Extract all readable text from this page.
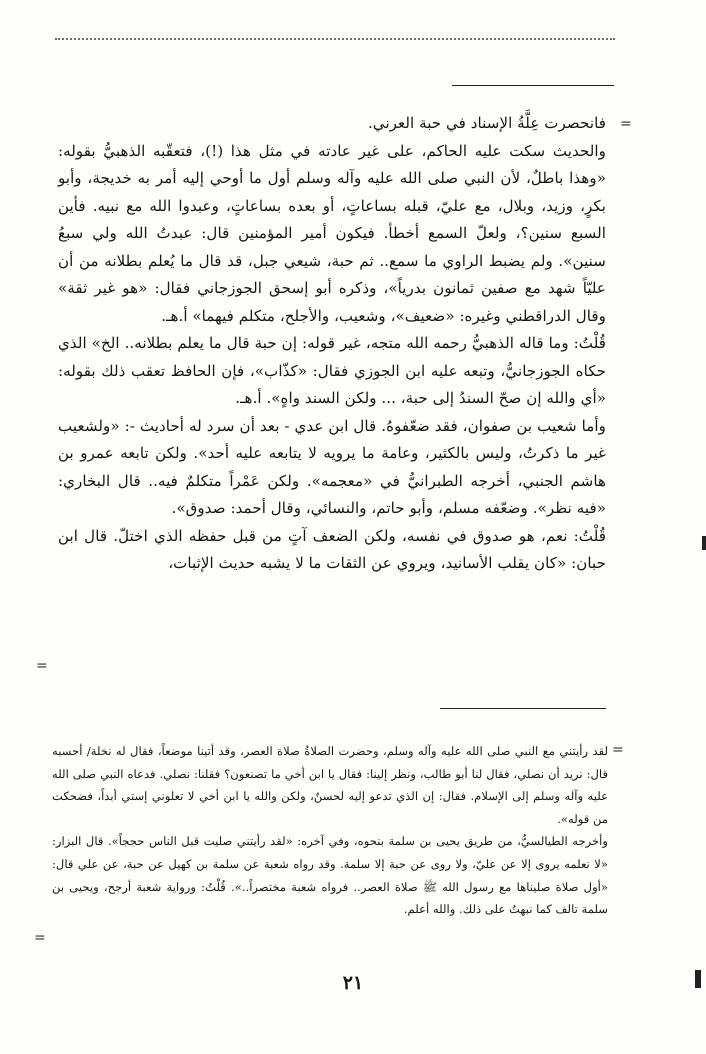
=

فانحصرت عِلَّةُ الإسناد في حبة العرني.

والحديث سكت عليه الحاكم، على غير عادته في مثل هذا (!)، فتعقّبه الذهبيُّ بقوله: «وهذا باطلٌ، لأن النبي صلى الله عليه وآله وسلم أول ما أوحي إليه أمر به خديجة، وأبو بكرٍ، وزيد، وبلال، مع عليّ، قبله بساعاتٍ، أو بعده بساعاتٍ، وعبدوا الله مع نبيه. فأين السبع سنين؟، ولعلّ السمع أخطأ. فيكون أمير المؤمنين قال: عبدتُ الله ولي سبعُ سنين». ولم يضبط الراوي ما سمع.. ثم حبة، شيعي جبل، قد قال ما يُعلم بطلانه من أن عليّاً شهد مع صفين ثمانون بدرياً»، وذكره أبو إسحق الجوزجاني فقال: «هو غير ثقة» وقال الدراقطني وغيره: «ضعيف»، وشعيب، والأجلح، متكلم فيهما» أ.هـ.

قُلْتُ: وما قاله الذهبيُّ رحمه الله متجه، غير قوله: إن حبة قال ما يعلم بطلانه.. الخ» الذي حكاه الجوزجانيُّ، وتبعه عليه ابن الجوزي فقال: «كذّاب»، فإن الحافظ تعقب ذلك بقوله: «أي والله إن صحّ السندُ إلى حبة، ... ولكن السند واهٍ». أ.هـ.

وأما شعيب بن صفوان، فقد ضعّفوهُ. قال ابن عدي - بعد أن سرد له أحاديث -: «ولشعيب غير ما ذكرتُ، وليس بالكثير، وعامة ما يرويه لا يتابعه عليه أحد». ولكن تابعه عمرو بن هاشم الجنبي، أخرجه الطبرانيُّ في «معجمه». ولكن عَمْراً متكلمٌ فيه.. قال البخاري: «فيه نظر». وضعّفه مسلم، وأبو حاتم، والنسائي، وقال أحمد: صدوق».

قُلْتُ: نعم، هو صدوق في نفسه، ولكن الضعف آتٍ من قبل حفظه الذي اختلّ. قال ابن حبان: «كان يقلب الأسانيد، ويروي عن الثقات ما لا يشبه حديث الإثبات،

=
=

لقد رأيتني مع النبي صلى الله عليه وآله وسلم، وحضرت الصلاةُ صلاة العصر، وقد أتينا موضعاً، فقال له نخلة/ أحسبه قال: نريد أن نصلي، فقال لنا أبو طالب، ونظر إلينا: فقال يا ابن أخي ما تصنعون؟ فقلنا: نصلي. فدعاه النبي صلى الله عليه وآله وسلم إلى الإسلام. فقال: إن الذي تدعو إليه لحسنٌ، ولكن والله يا ابن أخي لا تعلوني إستي أبداً، فضحكت من قوله».

وأخرجه الطيالسيُّ، من طريق يحيى بن سلمة بنحوه، وفي آخره: «لقد رأيتني صليت قبل الناس حججاً». قال البزار: «لا نعلمه يروى إلا عن عليّ، ولا روى عن حبة إلا سلمة. وقد رواه شعبة عن سلمة بن كهيل عن حبة، عن علي قال: «أول صلاة صليناها مع رسول الله ﷺ صلاة العصر.. فرواه شعبة مختصراً..». قُلْتُ: ورواية شعبة أرجح، ويحيى بن سلمة تالف كما نبهتُ على ذلك. والله أعلم.

=
٢١
